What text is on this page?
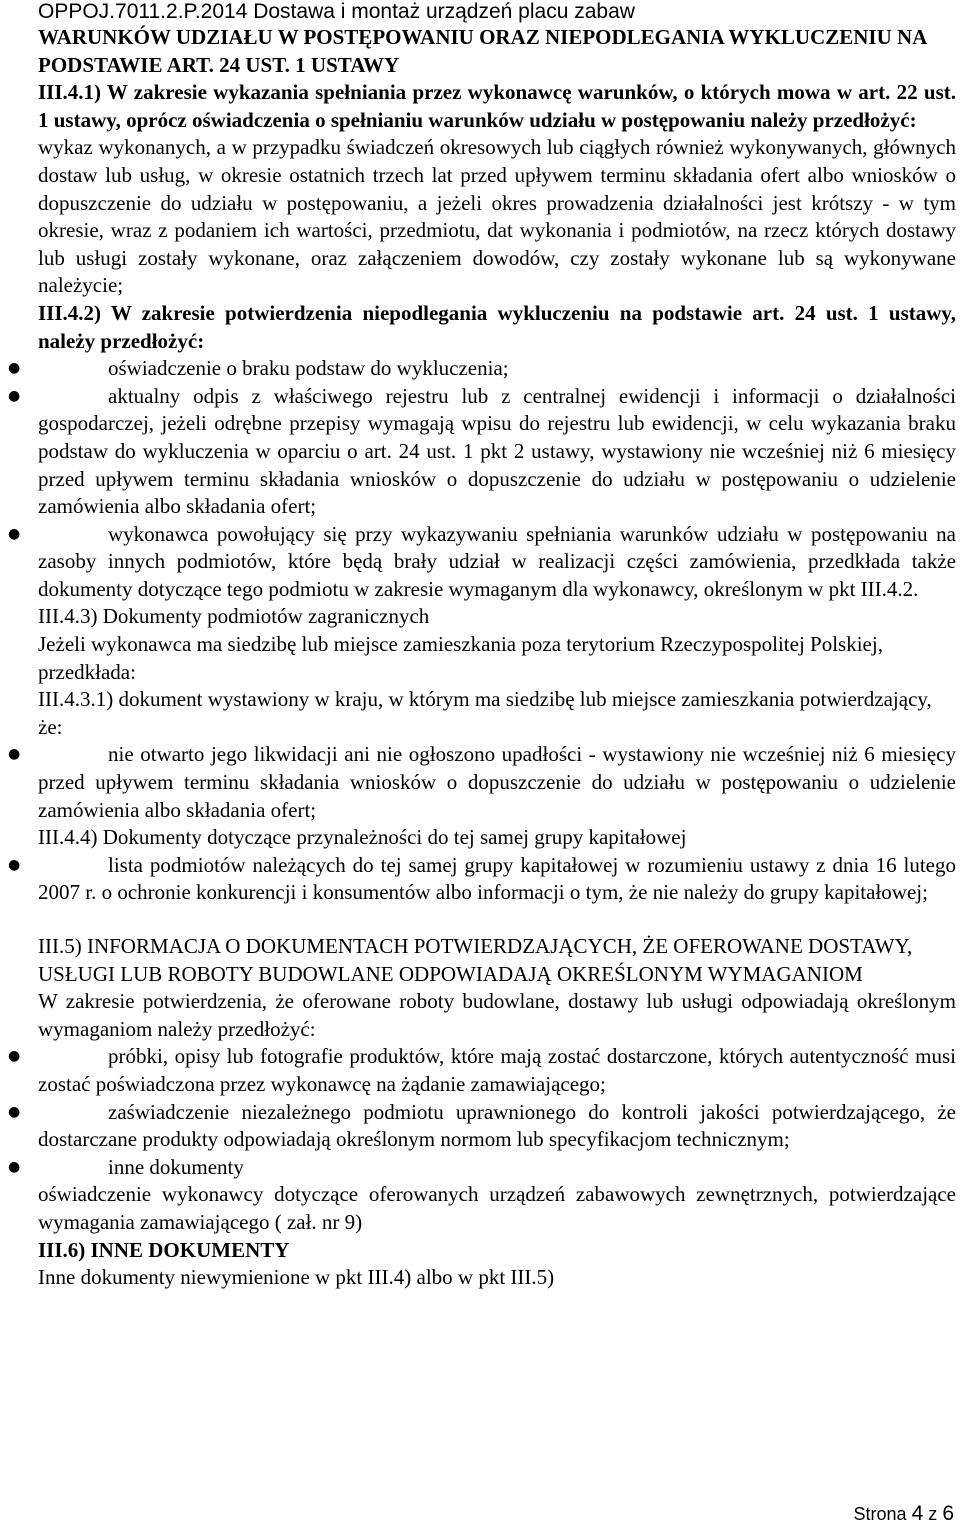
OPPOJ.7011.2.P.2014 Dostawa i montaż urządzeń placu zabaw

WARUNKÓW UDZIAŁU W POSTĘPOWANIU ORAZ NIEPODLEGANIA WYKLUCZENIU NA PODSTAWIE ART. 24 UST. 1 USTAWY

III.4.1) W zakresie wykazania spełniania przez wykonawcę warunków, o których mowa w art. 22 ust. 1 ustawy, oprócz oświadczenia o spełnianiu warunków udziału w postępowaniu należy przedłożyć:

wykaz wykonanych, a w przypadku świadczeń okresowych lub ciągłych również wykonywanych, głównych dostaw lub usług, w okresie ostatnich trzech lat przed upływem terminu składania ofert albo wniosków o dopuszczenie do udziału w postępowaniu, a jeżeli okres prowadzenia działalności jest krótszy - w tym okresie, wraz z podaniem ich wartości, przedmiotu, dat wykonania i podmiotów, na rzecz których dostawy lub usługi zostały wykonane, oraz załączeniem dowodów, czy zostały wykonane lub są wykonywane należycie;

III.4.2) W zakresie potwierdzenia niepodlegania wykluczeniu na podstawie art. 24 ust. 1 ustawy, należy przedłożyć:

●	oświadczenie o braku podstaw do wykluczenia;

●	aktualny odpis z właściwego rejestru lub z centralnej ewidencji i informacji o działalności gospodarczej, jeżeli odrębne przepisy wymagają wpisu do rejestru lub ewidencji, w celu wykazania braku podstaw do wykluczenia w oparciu o art. 24 ust. 1 pkt 2 ustawy, wystawiony nie wcześniej niż 6 miesięcy przed upływem terminu składania wniosków o dopuszczenie do udziału w postępowaniu o udzielenie zamówienia albo składania ofert;

●	wykonawca powołujący się przy wykazywaniu spełniania warunków udziału w postępowaniu na zasoby innych podmiotów, które będą brały udział w realizacji części zamówienia, przedkłada także dokumenty dotyczące tego podmiotu w zakresie wymaganym dla wykonawcy, określonym w pkt III.4.2.

III.4.3) Dokumenty podmiotów zagranicznych

Jeżeli wykonawca ma siedzibę lub miejsce zamieszkania poza terytorium Rzeczypospolitej Polskiej, przedkłada:

III.4.3.1) dokument wystawiony w kraju, w którym ma siedzibę lub miejsce zamieszkania potwierdzający, że:

●	nie otwarto jego likwidacji ani nie ogłoszono upadłości - wystawiony nie wcześniej niż 6 miesięcy przed upływem terminu składania wniosków o dopuszczenie do udziału w postępowaniu o udzielenie zamówienia albo składania ofert;

III.4.4) Dokumenty dotyczące przynależności do tej samej grupy kapitałowej

●	lista podmiotów należących do tej samej grupy kapitałowej w rozumieniu ustawy z dnia 16 lutego 2007 r. o ochronie konkurencji i konsumentów albo informacji o tym, że nie należy do grupy kapitałowej;

III.5) INFORMACJA O DOKUMENTACH POTWIERDZAJĄCYCH, ŻE OFEROWANE DOSTAWY, USŁUGI LUB ROBOTY BUDOWLANE ODPOWIADAJĄ OKREŚLONYM WYMAGANIOM

W zakresie potwierdzenia, że oferowane roboty budowlane, dostawy lub usługi odpowiadają określonym wymaganiom należy przedłożyć:

●	próbki, opisy lub fotografie produktów, które mają zostać dostarczone, których autentyczność musi zostać poświadczona przez wykonawcę na żądanie zamawiającego;

●	zaświadczenie niezależnego podmiotu uprawnionego do kontroli jakości potwierdzającego, że dostarczane produkty odpowiadają określonym normom lub specyfikacjom technicznym;

●	inne dokumenty

oświadczenie wykonawcy dotyczące oferowanych urządzeń zabawowych zewnętrznych, potwierdzające wymagania zamawiającego ( zał. nr 9)

III.6) INNE DOKUMENTY

Inne dokumenty niewymienione w pkt III.4) albo w pkt III.5)

Strona 4 z 6
